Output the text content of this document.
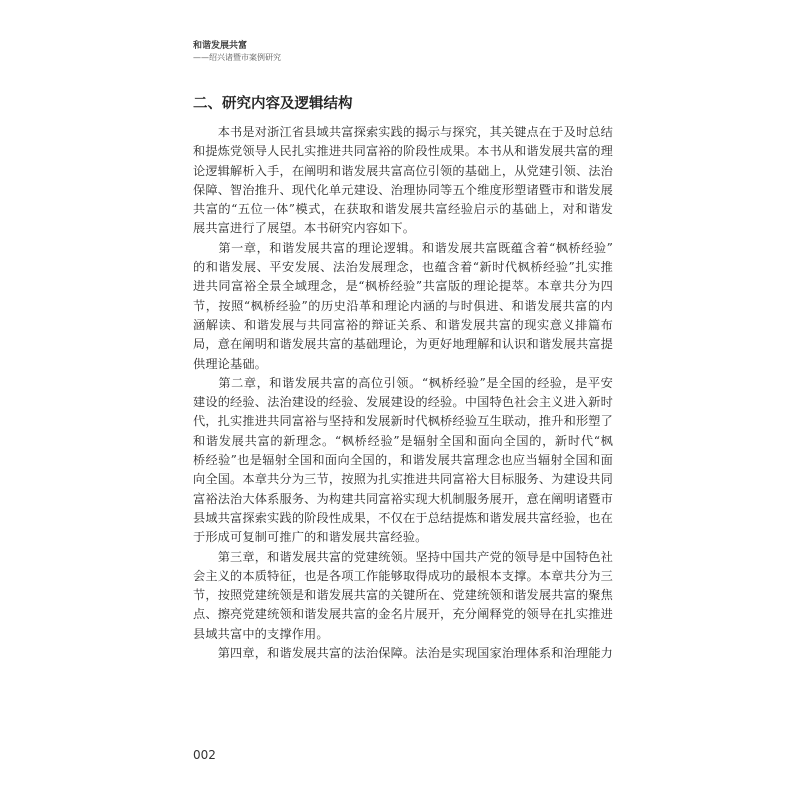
和谐发展共富
——绍兴诸暨市案例研究
二、研究内容及逻辑结构
　　本书是对浙江省县域共富探索实践的揭示与探究，其关键点在于及时总结
和提炼党领导人民扎实推进共同富裕的阶段性成果。本书从和谐发展共富的理
论逻辑解析入手，在阐明和谐发展共富高位引领的基础上，从党建引领、法治
保障、智治推升、现代化单元建设、治理协同等五个维度形塑诸暨市和谐发展
共富的“五位一体”模式，在获取和谐发展共富经验启示的基础上，对和谐发
展共富进行了展望。本书研究内容如下。
　　第一章，和谐发展共富的理论逻辑。和谐发展共富既蕴含着“枫桥经验”
的和谐发展、平安发展、法治发展理念，也蕴含着“新时代枫桥经验”扎实推
进共同富裕全景全域理念，是“枫桥经验”共富版的理论提萃。本章共分为四
节，按照“枫桥经验”的历史沿革和理论内涵的与时俱进、和谐发展共富的内
涵解读、和谐发展与共同富裕的辩证关系、和谐发展共富的现实意义排篇布
局，意在阐明和谐发展共富的基础理论，为更好地理解和认识和谐发展共富提
供理论基础。
　　第二章，和谐发展共富的高位引领。“枫桥经验”是全国的经验，是平安
建设的经验、法治建设的经验、发展建设的经验。中国特色社会主义进入新时
代，扎实推进共同富裕与坚持和发展新时代枫桥经验互生联动，推升和形塑了
和谐发展共富的新理念。“枫桥经验”是辐射全国和面向全国的，新时代“枫
桥经验”也是辐射全国和面向全国的，和谐发展共富理念也应当辐射全国和面
向全国。本章共分为三节，按照为扎实推进共同富裕大目标服务、为建设共同
富裕法治大体系服务、为构建共同富裕实现大机制服务展开，意在阐明诸暨市
县域共富探索实践的阶段性成果，不仅在于总结提炼和谐发展共富经验，也在
于形成可复制可推广的和谐发展共富经验。
　　第三章，和谐发展共富的党建统领。坚持中国共产党的领导是中国特色社
会主义的本质特征，也是各项工作能够取得成功的最根本支撑。本章共分为三
节，按照党建统领是和谐发展共富的关键所在、党建统领和谐发展共富的聚焦
点、擦亮党建统领和谐发展共富的金名片展开，充分阐释党的领导在扎实推进
县域共富中的支撑作用。
　　第四章，和谐发展共富的法治保障。法治是实现国家治理体系和治理能力
002
